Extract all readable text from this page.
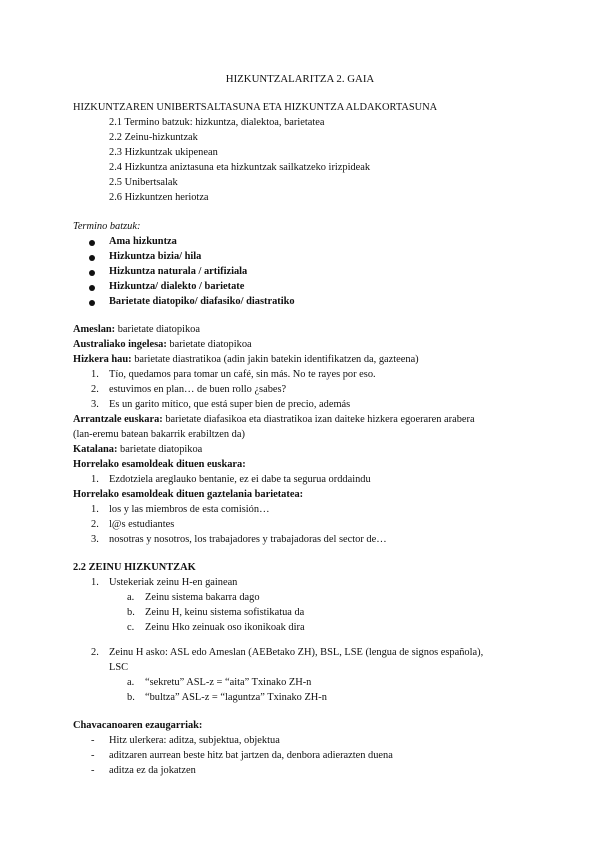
HIZKUNTZALARITZA 2. GAIA
HIZKUNTZAREN UNIBERTSALTASUNA ETA HIZKUNTZA ALDAKORTASUNA
2.1 Termino batzuk: hizkuntza, dialektoa, barietatea
2.2 Zeinu-hizkuntzak
2.3 Hizkuntzak ukipenean
2.4 Hizkuntza aniztasuna eta hizkuntzak sailkatzeko irizpideak
2.5 Unibertsalak
2.6 Hizkuntzen heriotza
Termino batzuk:
Ama hizkuntza
Hizkuntza bizia/ hila
Hizkuntza naturala / artifiziala
Hizkuntza/ dialekto / barietate
Barietate diatopiko/ diafasiko/ diastratiko
Ameslan: barietate diatopikoa
Australiako ingelesa: barietate diatopikoa
Hizkera hau: barietate diastratikoa (adin jakin batekin identifikatzen da, gazteena)
1. Tío, quedamos para tomar un café, sin más. No te rayes por eso.
2. estuvimos en plan… de buen rollo ¿sabes?
3. Es un garito mítico, que está super bien de precio, además
Arrantzale euskara: barietate diafasikoa eta diastratikoa izan daiteke hizkera egoeraren arabera
(lan-eremu batean bakarrik erabiltzen da)
Katalana: barietate diatopikoa
Horrelako esamoldeak dituen euskara:
1. Ezdotziela areglauko bentanie, ez ei dabe ta segurua orddaindu
Horrelako esamoldeak dituen gaztelania barietatea:
1. los y las miembros de esta comisión…
2. l@s estudiantes
3. nosotras y nosotros, los trabajadores y trabajadoras del sector de…
2.2 ZEINU HIZKUNTZAK
1. Ustekeriak zeinu H-en gainean
a. Zeinu sistema bakarra dago
b. Zeinu H, keinu sistema sofistikatua da
c. Zeinu Hko zeinuak oso ikonikoak dira
2. Zeinu H asko: ASL edo Ameslan (AEBetako ZH), BSL, LSE (lengua de signos española),
LSC
a. “sekretu” ASL-z = “aita” Txinako ZH-n
b. “bultza” ASL-z = “laguntza” Txinako ZH-n
Chavacanoaren ezaugarriak:
- Hitz ulerkera: aditza, subjektua, objektua
- aditzaren aurrean beste hitz bat jartzen da, denbora adierazten duena
- aditza ez da jokatzen
